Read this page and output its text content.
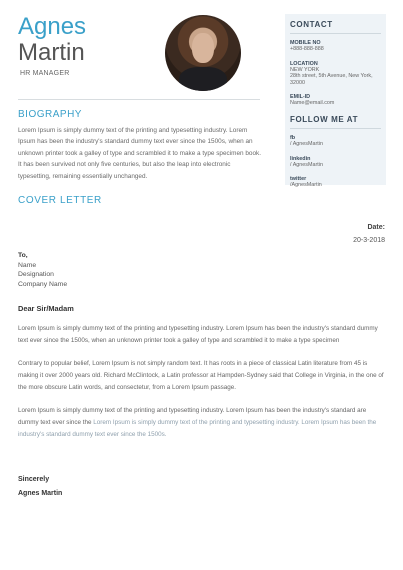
Agnes
Martin
HR MANAGER
BIOGRAPHY
Lorem Ipsum is simply dummy text of the printing and typesetting industry. Lorem Ipsum has been the industry's standard dummy text ever since the 1500s, when an unknown printer took a galley of type and scrambled it to make a type specimen book. It has been survived not only five centuries, but also the leap into electronic typesetting, remaining essentially unchanged.
CONTACT
MOBILE NO
+888-888-888
LOCATION
NEW YORK
28th street, 5th Avenue, New York,
32000
EMIL-ID
Name@email.com
FOLLOW ME AT
fb
/ AgnesMartin
linkedin
/ AgnesMartin
twitter
/AgnesMartin
COVER LETTER
Date:
20-3-2018
To,
Name
Designation
Company Name
Dear Sir/Madam
Lorem Ipsum is simply dummy text of the printing and typesetting industry. Lorem Ipsum has been the industry's standard dummy text ever since the 1500s, when an unknown printer took a galley of type and scrambled it to make a type specimen
Contrary to popular belief, Lorem Ipsum is not simply random text. It has roots in a piece of classical Latin literature from 45 is making it over 2000 years old. Richard McClintock, a Latin professor at Hampden-Sydney said that College in Virginia, in the one of the more obscure Latin words, and consectetur, from a Lorem Ipsum passage.
Lorem Ipsum is simply dummy text of the printing and typesetting industry. Lorem Ipsum has been the industry's standard are dummy text ever since the Lorem Ipsum is simply dummy text of the printing and typesetting industry. Lorem Ipsum has been the industry's standard dummy text ever since the 1500s.
Sincerely
Agnes Martin
